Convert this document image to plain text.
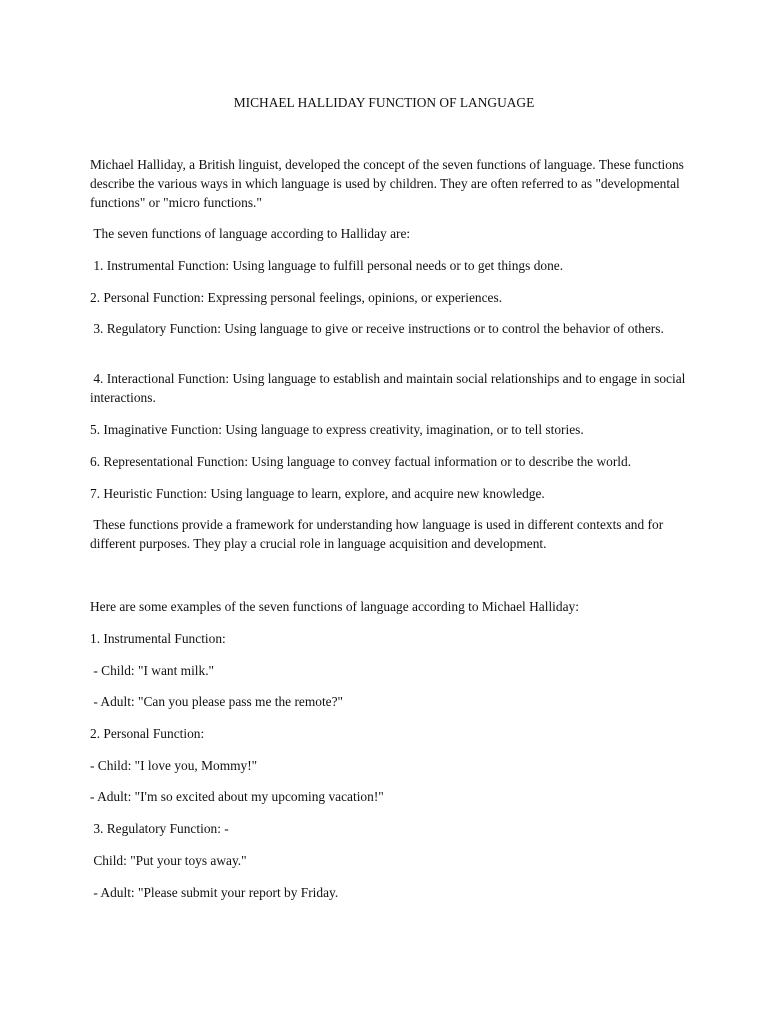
MICHAEL HALLIDAY FUNCTION OF LANGUAGE
Michael Halliday, a British linguist, developed the concept of the seven functions of language. These functions describe the various ways in which language is used by children. They are often referred to as "developmental functions" or "micro functions."
The seven functions of language according to Halliday are:
1. Instrumental Function: Using language to fulfill personal needs or to get things done.
2. Personal Function: Expressing personal feelings, opinions, or experiences.
3. Regulatory Function: Using language to give or receive instructions or to control the behavior of others.
4. Interactional Function: Using language to establish and maintain social relationships and to engage in social interactions.
5. Imaginative Function: Using language to express creativity, imagination, or to tell stories.
6. Representational Function: Using language to convey factual information or to describe the world.
7. Heuristic Function: Using language to learn, explore, and acquire new knowledge.
These functions provide a framework for understanding how language is used in different contexts and for different purposes. They play a crucial role in language acquisition and development.
Here are some examples of the seven functions of language according to Michael Halliday:
1. Instrumental Function:
- Child: "I want milk."
- Adult: "Can you please pass me the remote?"
2. Personal Function:
- Child: "I love you, Mommy!"
- Adult: "I'm so excited about my upcoming vacation!"
3. Regulatory Function: -
Child: "Put your toys away."
- Adult: "Please submit your report by Friday.
